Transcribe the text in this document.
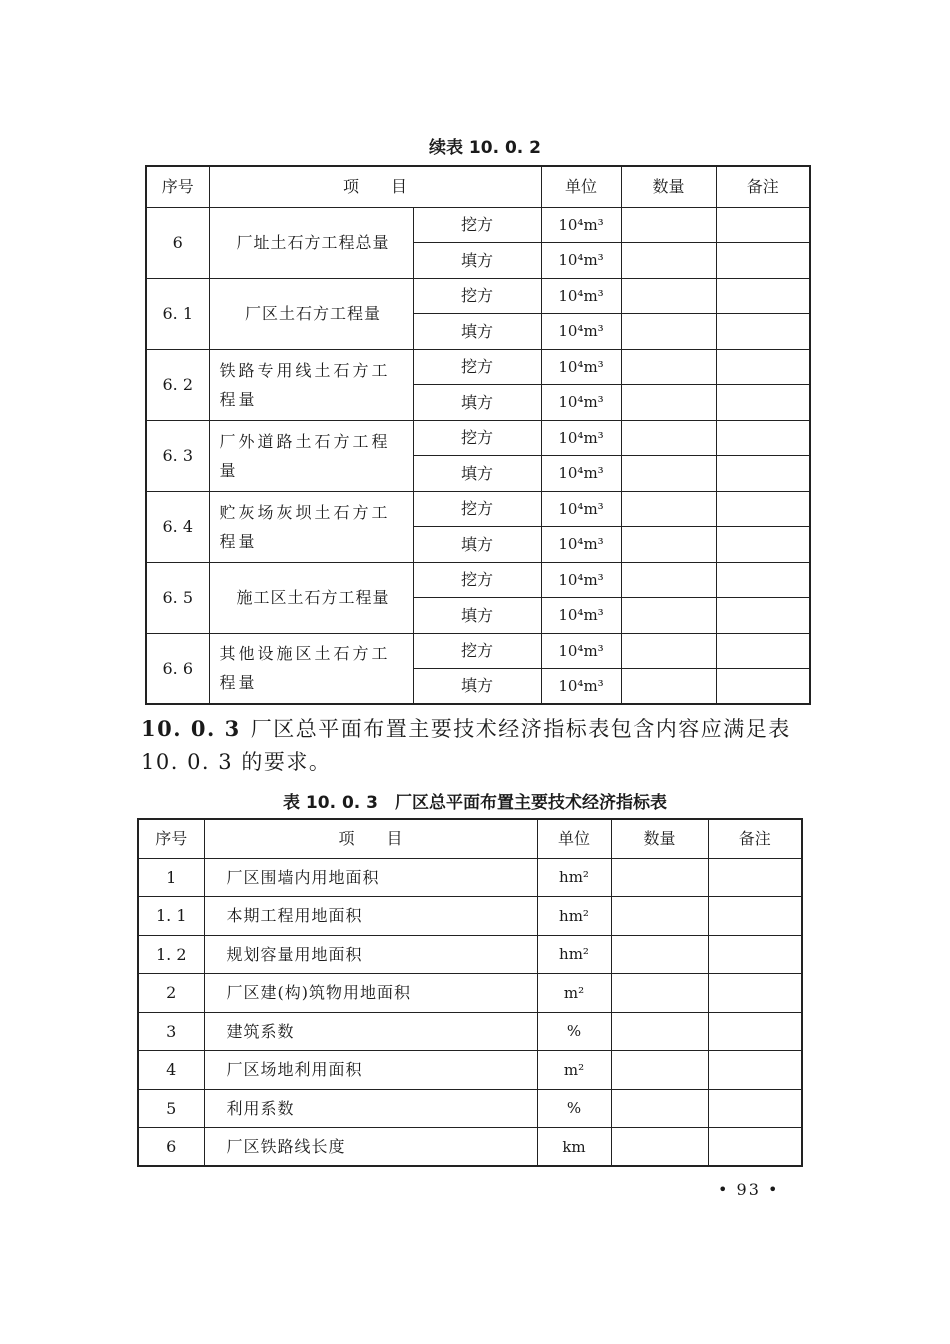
续表 10. 0. 2
序号	项　　目		单位	数量	备注
6	厂址土石方工程总量	挖方	10⁴m³		
		填方	10⁴m³		
6. 1	厂区土石方工程量	挖方	10⁴m³		
		填方	10⁴m³		
6. 2	铁路专用线土石方工程量	挖方	10⁴m³		
		填方	10⁴m³		
6. 3	厂外道路土石方工程量	挖方	10⁴m³		
		填方	10⁴m³		
6. 4	贮灰场灰坝土石方工程量	挖方	10⁴m³		
		填方	10⁴m³		
6. 5	施工区土石方工程量	挖方	10⁴m³		
		填方	10⁴m³		
6. 6	其他设施区土石方工程量	挖方	10⁴m³		
		填方	10⁴m³		
10. 0. 3 厂区总平面布置主要技术经济指标表包含内容应满足表10. 0. 3 的要求。
表 10. 0. 3　厂区总平面布置主要技术经济指标表
序号	项　　目	单位	数量	备注
1	厂区围墙内用地面积	hm²		
1. 1	本期工程用地面积	hm²		
1. 2	规划容量用地面积	hm²		
2	厂区建(构)筑物用地面积	m²		
3	建筑系数	%		
4	厂区场地利用面积	m²		
5	利用系数	%		
6	厂区铁路线长度	km		
• 93 •
